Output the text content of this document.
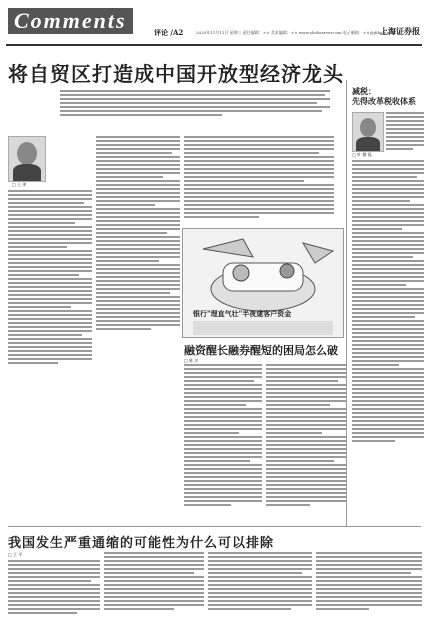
Comments	评论 /A2	2020年11月11日 星期三 责任编辑：×× 美术编辑：×× www.shobserver.com 电子邮箱：××@jfdaily.com
上海证券报
将自贸区打造成中国开放型经济龙头
□ 王 津
银行"理直气壮"半夜逮客户资金
融资醒长融券醒短的困局怎么破
□ 陈 芳
减税：
先得改革税收体系
□ 叶 德 磊
我国发生严重通缩的可能性为什么可以排除
□ 王 平
